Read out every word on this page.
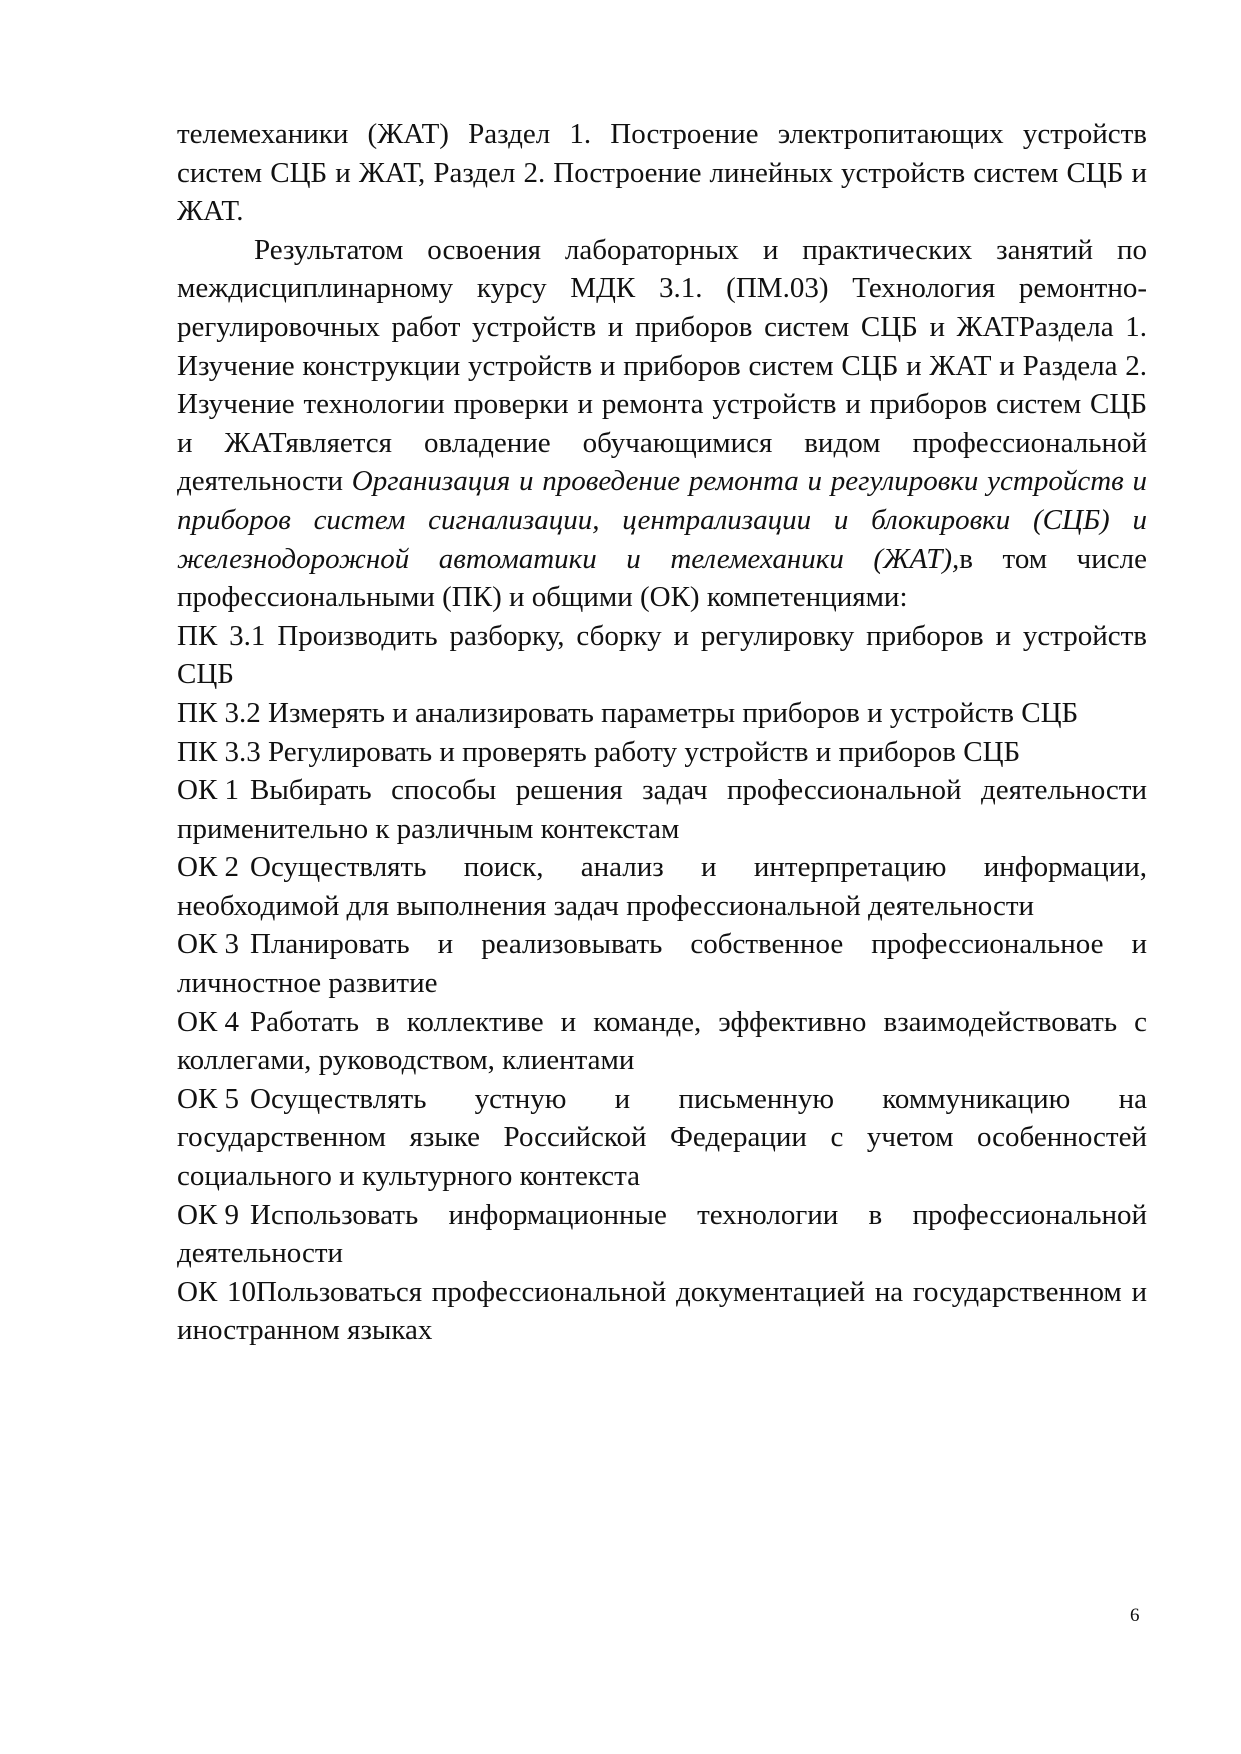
телемеханики (ЖАТ) Раздел 1. Построение электропитающих устройств систем СЦБ и ЖАТ, Раздел 2. Построение линейных устройств систем СЦБ и ЖАТ.

Результатом освоения лабораторных и практических занятий по междисциплинарному курсу МДК 3.1. (ПМ.03) Технология ремонтно-регулировочных работ устройств и приборов систем СЦБ и ЖАТРаздела 1. Изучение конструкции устройств и приборов систем СЦБ и ЖАТ и Раздела 2. Изучение технологии проверки и ремонта устройств и приборов систем СЦБ и ЖАТявляется овладение обучающимися видом профессиональной деятельности Организация и проведение ремонта и регулировки устройств и приборов систем сигнализации, централизации и блокировки (СЦБ) и железнодорожной автоматики и телемеханики (ЖАТ),в том числе профессиональными (ПК) и общими (ОК) компетенциями:

ПК 3.1 Производить разборку, сборку и регулировку приборов и устройств СЦБ

ПК 3.2 Измерять и анализировать параметры приборов и устройств СЦБ

ПК 3.3 Регулировать и проверять работу устройств и приборов СЦБ

ОК 1 Выбирать способы решения задач профессиональной деятельности применительно к различным контекстам

ОК 2 Осуществлять поиск, анализ и интерпретацию информации, необходимой для выполнения задач профессиональной деятельности

ОК 3 Планировать и реализовывать собственное профессиональное и личностное развитие

ОК 4 Работать в коллективе и команде, эффективно взаимодействовать с коллегами, руководством, клиентами

ОК 5 Осуществлять устную и письменную коммуникацию на государственном языке Российской Федерации с учетом особенностей социального и культурного контекста

ОК 9 Использовать информационные технологии в профессиональной деятельности

ОК 10Пользоваться профессиональной документацией на государственном и иностранном языках

6
